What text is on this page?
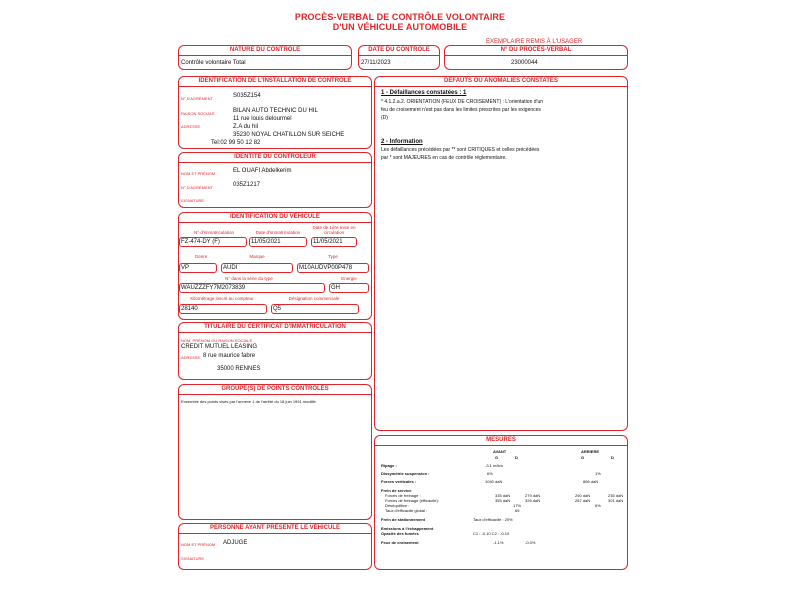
PROCÈS-VERBAL DE CONTRÔLE VOLONTAIRE
D'UN VÉHICULE AUTOMOBILE
EXEMPLAIRE REMIS À L'USAGER
NATURE DU CONTRÔLE
Contrôle volontaire Total
DATE DU CONTRÔLE
27/11/2023
N° DU PROCÈS-VERBAL
23000044
IDENTIFICATION DE L'INSTALLATION DE CONTRÔLE
N° D'AGRÉMENT	S035Z154
RAISON SOCIALE	BILAN AUTO TECHNIC DU HIL
ADRESSE
11 rue louis delourmel
Z.A du hil
35230 NOYAL CHATILLON SUR SEICHE
Tel:02 99 50 12 82
IDENTITÉ DU CONTRÔLEUR
NOM ET PRÉNOM	EL OUAFI Abdelkerim
N° D'AGRÉMENT	035Z1217
SIGNATURE
IDENTIFICATION DU VÉHICULE
N° d'immatriculation	Date d'immatriculation
Date de 1ère mise en circulation
FZ-474-DY (F)	11/05/2021	11/05/2021
Genre	Marque	Type
VP	AUDI	M10AUDVP00P478
N° dans la série du type	Energie
WAUZZZFY7M2073839	GH
Kilométrage inscrit au compteur	Désignation commerciale
28140	Q5
TITULAIRE DU CERTIFICAT D'IMMATRICULATION
NOM, PRÉNOM OU RAISON SOCIALE
CREDIT MUTUEL LEASING
ADRESSE 8 rue maurice fabre
35000 RENNES
GROUPE(S) DE POINTS CONTRÔLÉS
Ensemble des points visés par l'annexe 1 de l'arrêté du 18 juin 1991 modifié.
PERSONNE AYANT PRÉSENTÉ LE VÉHICULE
NOM ET PRÉNOM ADJUGE
SIGNATURE
DÉFAUTS OU ANOMALIES CONSTATÉS
1 - Défaillances constatées : 1
* 4.1.2.a.2. ORIENTATION (FEUX DE CROISEMENT) : L'orientation d'un
feu de croisement n'est pas dans les limites prescrites par les exigences
(D)
2 - Information
Les défaillances précédées par ** sont CRITIQUES et celles précédées
par * sont MAJEURES en cas de contrôle réglementaire.
MESURES
AVANT	ARRIERE
G	D	G	D
Ripage :	-3.1 m/km
Dissymétrie suspension :	6%	1%
Forces verticales :	1040 daN	866 daN
Frein de service
Forces de freinage :	335 daN	279 daN	250 daN	235 daN
Forces de freinage (efficacité):	355 daN	326 daN	267 daN	301 daN
Déséquilibre :	17%	6%
Taux d'efficacité global :	65
Frein de stationnement	Taux d'efficacité : 20%
Emissions à l'échappement
Opacité des fumées	C1 : -0.10 C2 : -0.10
Feux de croisement	-1.1%	-0.0%
